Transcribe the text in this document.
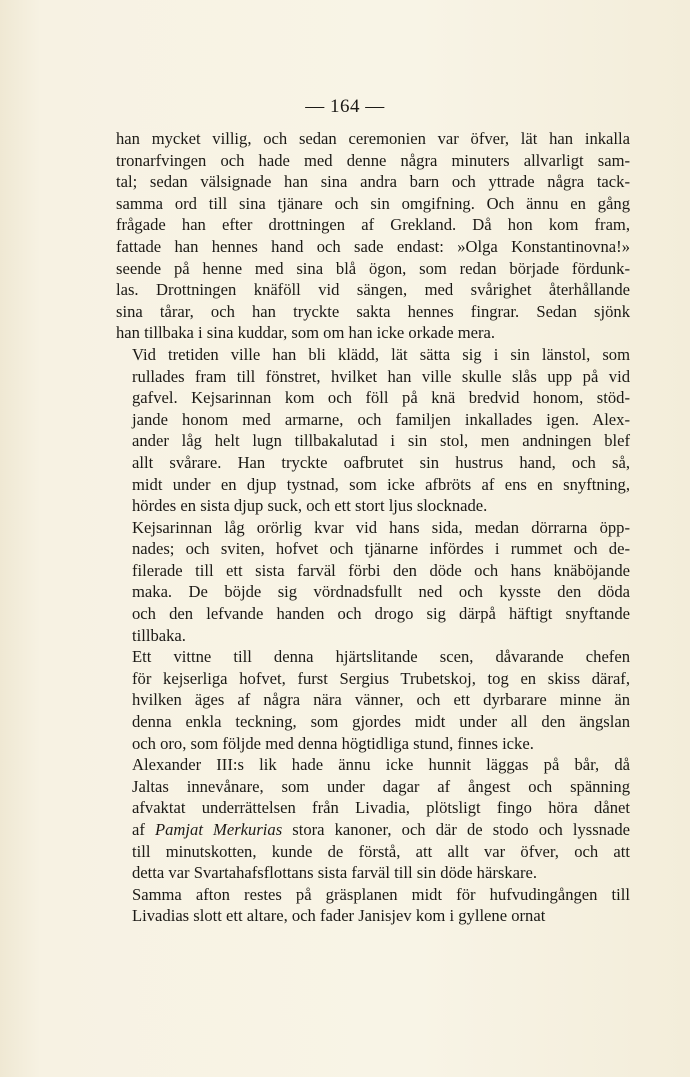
— 164 —

han mycket villig, och sedan ceremonien var öfver, lät han inkalla
tronarfvingen och hade med denne några minuters allvarligt sam-
tal; sedan välsignade han sina andra barn och yttrade några tack-
samma ord till sina tjänare och sin omgifning. Och ännu en gång
frågade han efter drottningen af Grekland. Då hon kom fram,
fattade han hennes hand och sade endast: »Olga Konstantinovna!»
seende på henne med sina blå ögon, som redan började fördunk-
las. Drottningen knäföll vid sängen, med svårighet återhållande
sina tårar, och han tryckte sakta hennes fingrar. Sedan sjönk
han tillbaka i sina kuddar, som om han icke orkade mera.

Vid tretiden ville han bli klädd, lät sätta sig i sin länstol, som
rullades fram till fönstret, hvilket han ville skulle slås upp på vid
gafvel. Kejsarinnan kom och föll på knä bredvid honom, stöd-
jande honom med armarne, och familjen inkallades igen. Alex-
ander låg helt lugn tillbakalutad i sin stol, men andningen blef
allt svårare. Han tryckte oafbrutet sin hustrus hand, och så,
midt under en djup tystnad, som icke afbröts af ens en snyftning,
hördes en sista djup suck, och ett stort ljus slocknade.

Kejsarinnan låg orörlig kvar vid hans sida, medan dörrarna öpp-
nades; och sviten, hofvet och tjänarne infördes i rummet och de-
filerade till ett sista farväl förbi den döde och hans knäböjande
maka. De böjde sig vördnadsfullt ned och kysste den döda
och den lefvande handen och drogo sig därpå häftigt snyftande
tillbaka.

Ett vittne till denna hjärtslitande scen, dåvarande chefen
för kejserliga hofvet, furst Sergius Trubetskoj, tog en skiss däraf,
hvilken äges af några nära vänner, och ett dyrbarare minne än
denna enkla teckning, som gjordes midt under all den ängslan
och oro, som följde med denna högtidliga stund, finnes icke.

Alexander III:s lik hade ännu icke hunnit läggas på bår, då
Jaltas innevånare, som under dagar af ångest och spänning
afvaktat underrättelsen från Livadia, plötsligt fingo höra dånet
af Pamjat Merkurias stora kanoner, och där de stodo och lyssnade
till minutskotten, kunde de förstå, att allt var öfver, och att
detta var Svartahafsflottans sista farväl till sin döde härskare.

Samma afton restes på gräsplanen midt för hufvudingången till
Livadias slott ett altare, och fader Janisjev kom i gyllene ornat
